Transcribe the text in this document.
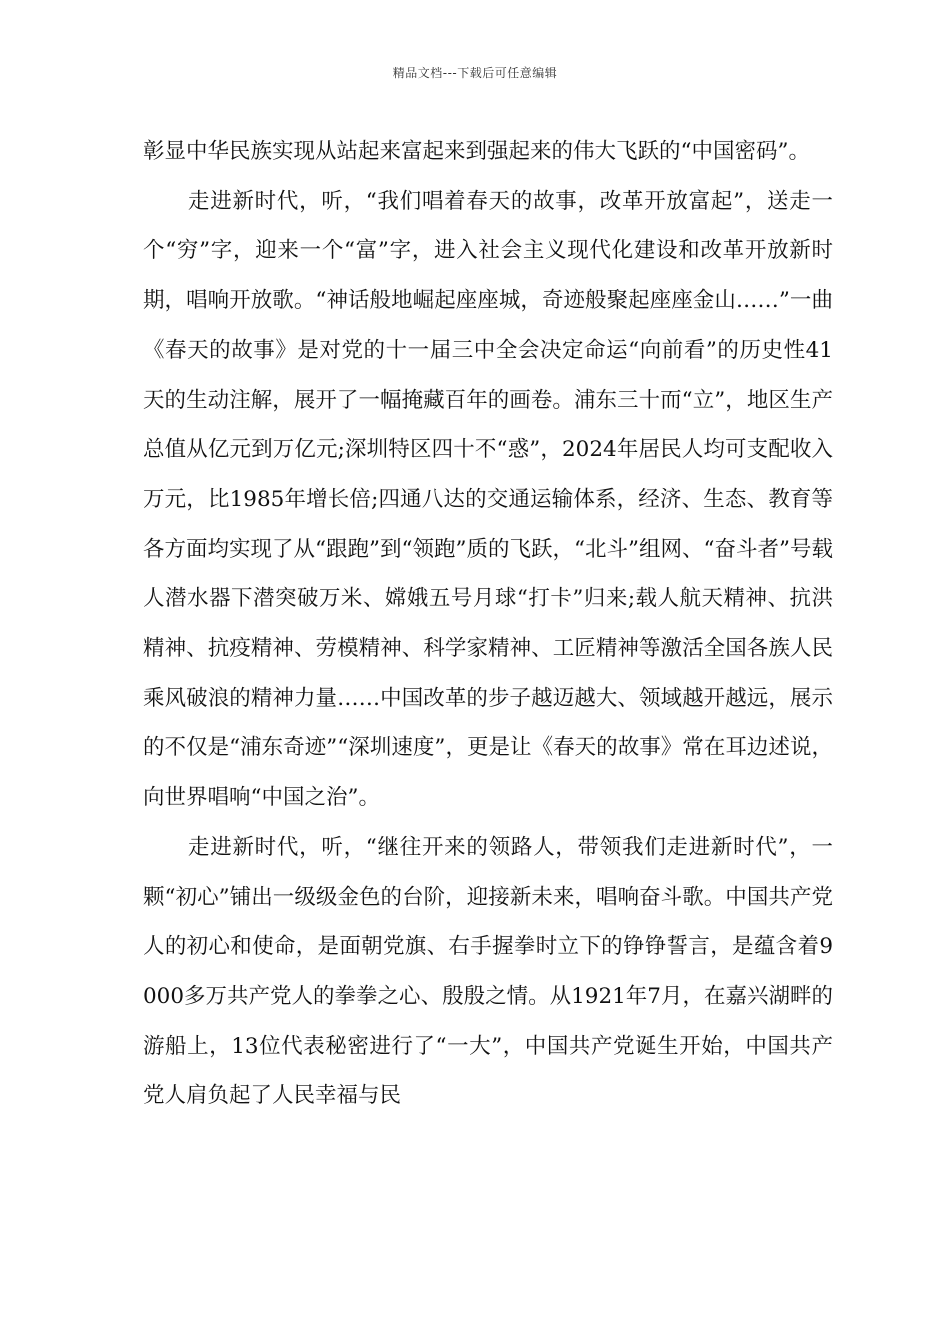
精品文档---下载后可任意编辑

彰显中华民族实现从站起来富起来到强起来的伟大飞跃的“中国密码”。

走进新时代，听，“我们唱着春天的故事，改革开放富起”，送走一个“穷”字，迎来一个“富”字，进入社会主义现代化建设和改革开放新时期，唱响开放歌。“神话般地崛起座座城，奇迹般聚起座座金山……”一曲《春天的故事》是对党的十一届三中全会决定命运“向前看”的历史性41天的生动注解，展开了一幅掩藏百年的画卷。浦东三十而“立”，地区生产总值从亿元到万亿元;深圳特区四十不“惑”，2024年居民人均可支配收入万元，比1985年增长倍;四通八达的交通运输体系，经济、生态、教育等各方面均实现了从“跟跑”到“领跑”质的飞跃，“北斗”组网、“奋斗者”号载人潜水器下潜突破万米、嫦娥五号月球“打卡”归来;载人航天精神、抗洪精神、抗疫精神、劳模精神、科学家精神、工匠精神等激活全国各族人民乘风破浪的精神力量……中国改革的步子越迈越大、领域越开越远，展示的不仅是“浦东奇迹”“深圳速度”，更是让《春天的故事》常在耳边述说，向世界唱响“中国之治”。

走进新时代，听，“继往开来的领路人，带领我们走进新时代”，一颗“初心”铺出一级级金色的台阶，迎接新未来，唱响奋斗歌。中国共产党人的初心和使命，是面朝党旗、右手握拳时立下的铮铮誓言，是蕴含着9000多万共产党人的拳拳之心、殷殷之情。从1921年7月，在嘉兴湖畔的游船上，13位代表秘密进行了“一大”，中国共产党诞生开始，中国共产党人肩负起了人民幸福与民
